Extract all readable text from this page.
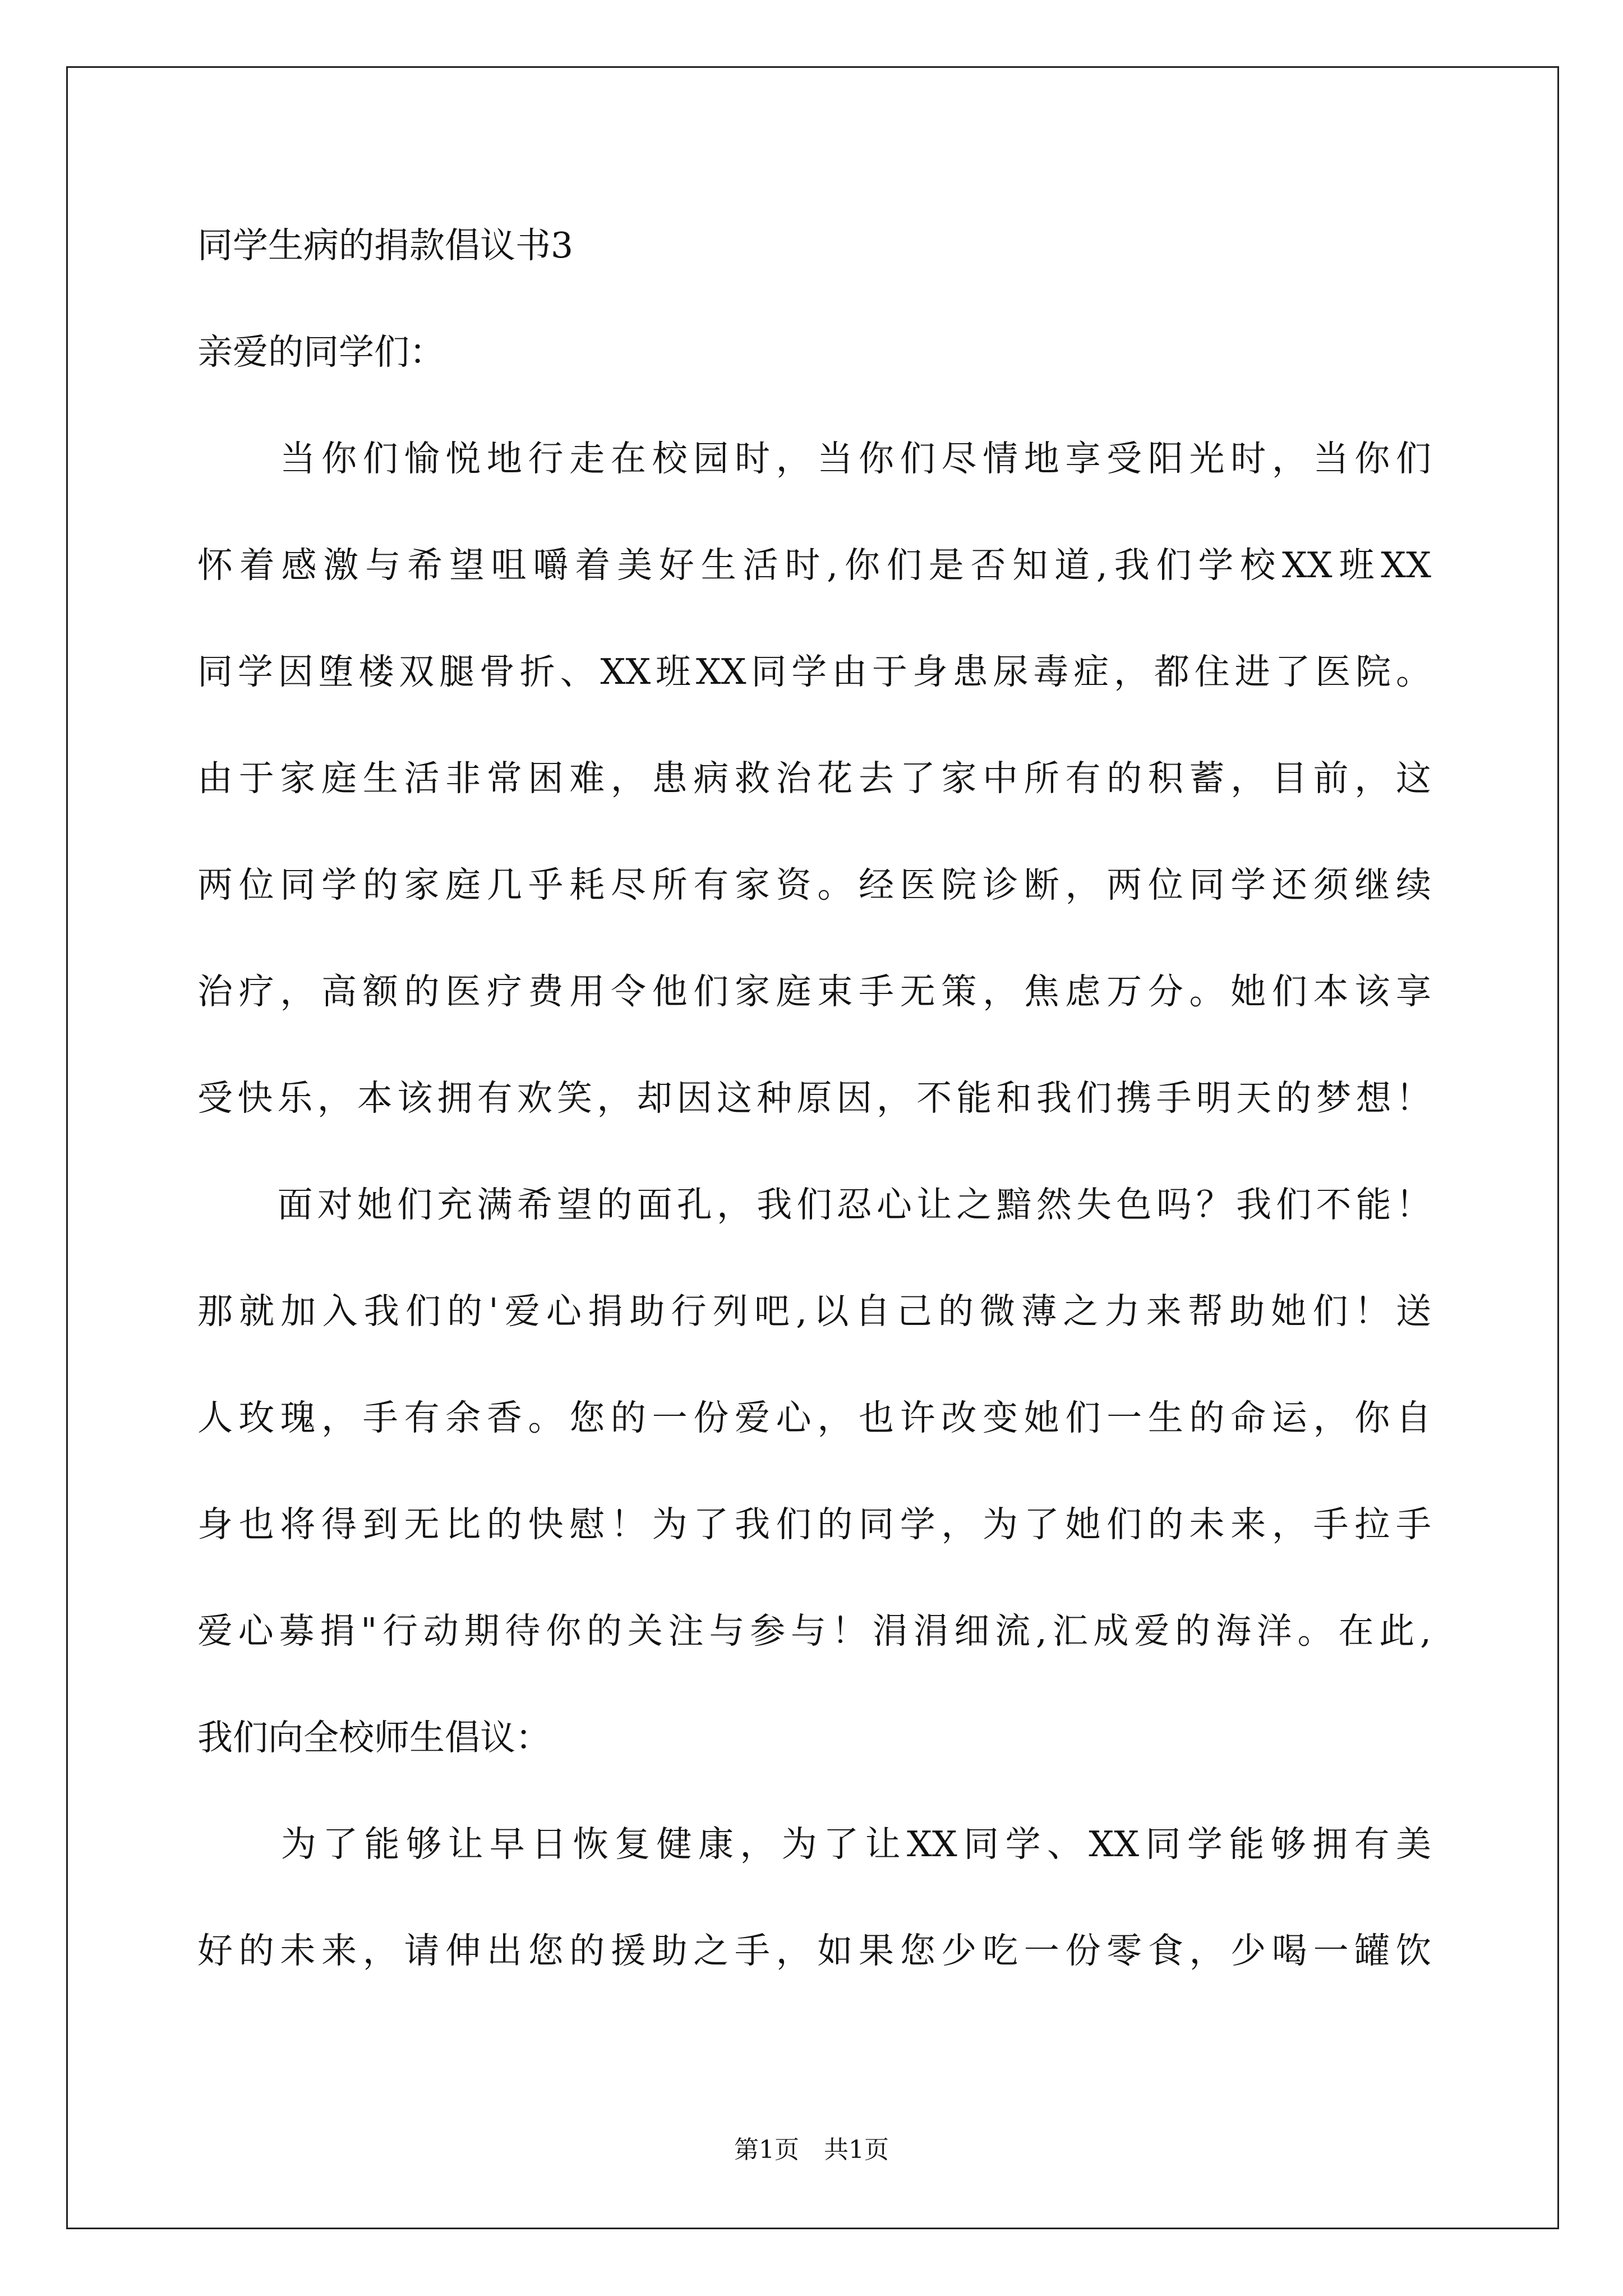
同学生病的捐款倡议书3
亲爱的同学们：
　　当你们愉悦地行走在校园时，当你们尽情地享受阳光时，当你们
怀着感激与希望咀嚼着美好生活时,你们是否知道,我们学校XX班XX
同学因堕楼双腿骨折、XX班XX同学由于身患尿毒症，都住进了医院。
由于家庭生活非常困难，患病救治花去了家中所有的积蓄，目前，这
两位同学的家庭几乎耗尽所有家资。经医院诊断，两位同学还须继续
治疗，高额的医疗费用令他们家庭束手无策，焦虑万分。她们本该享
受快乐，本该拥有欢笑，却因这种原因，不能和我们携手明天的梦想！
　　面对她们充满希望的面孔，我们忍心让之黯然失色吗？我们不能！
那就加入我们的'爱心捐助行列吧,以自己的微薄之力来帮助她们！送
人玫瑰，手有余香。您的一份爱心，也许改变她们一生的命运，你自
身也将得到无比的快慰！为了我们的同学，为了她们的未来，手拉手
爱心募捐"行动期待你的关注与参与！涓涓细流,汇成爱的海洋。在此,
我们向全校师生倡议：
　　为了能够让早日恢复健康，为了让XX同学、XX同学能够拥有美
好的未来，请伸出您的援助之手，如果您少吃一份零食，少喝一罐饮
第1页　共1页
